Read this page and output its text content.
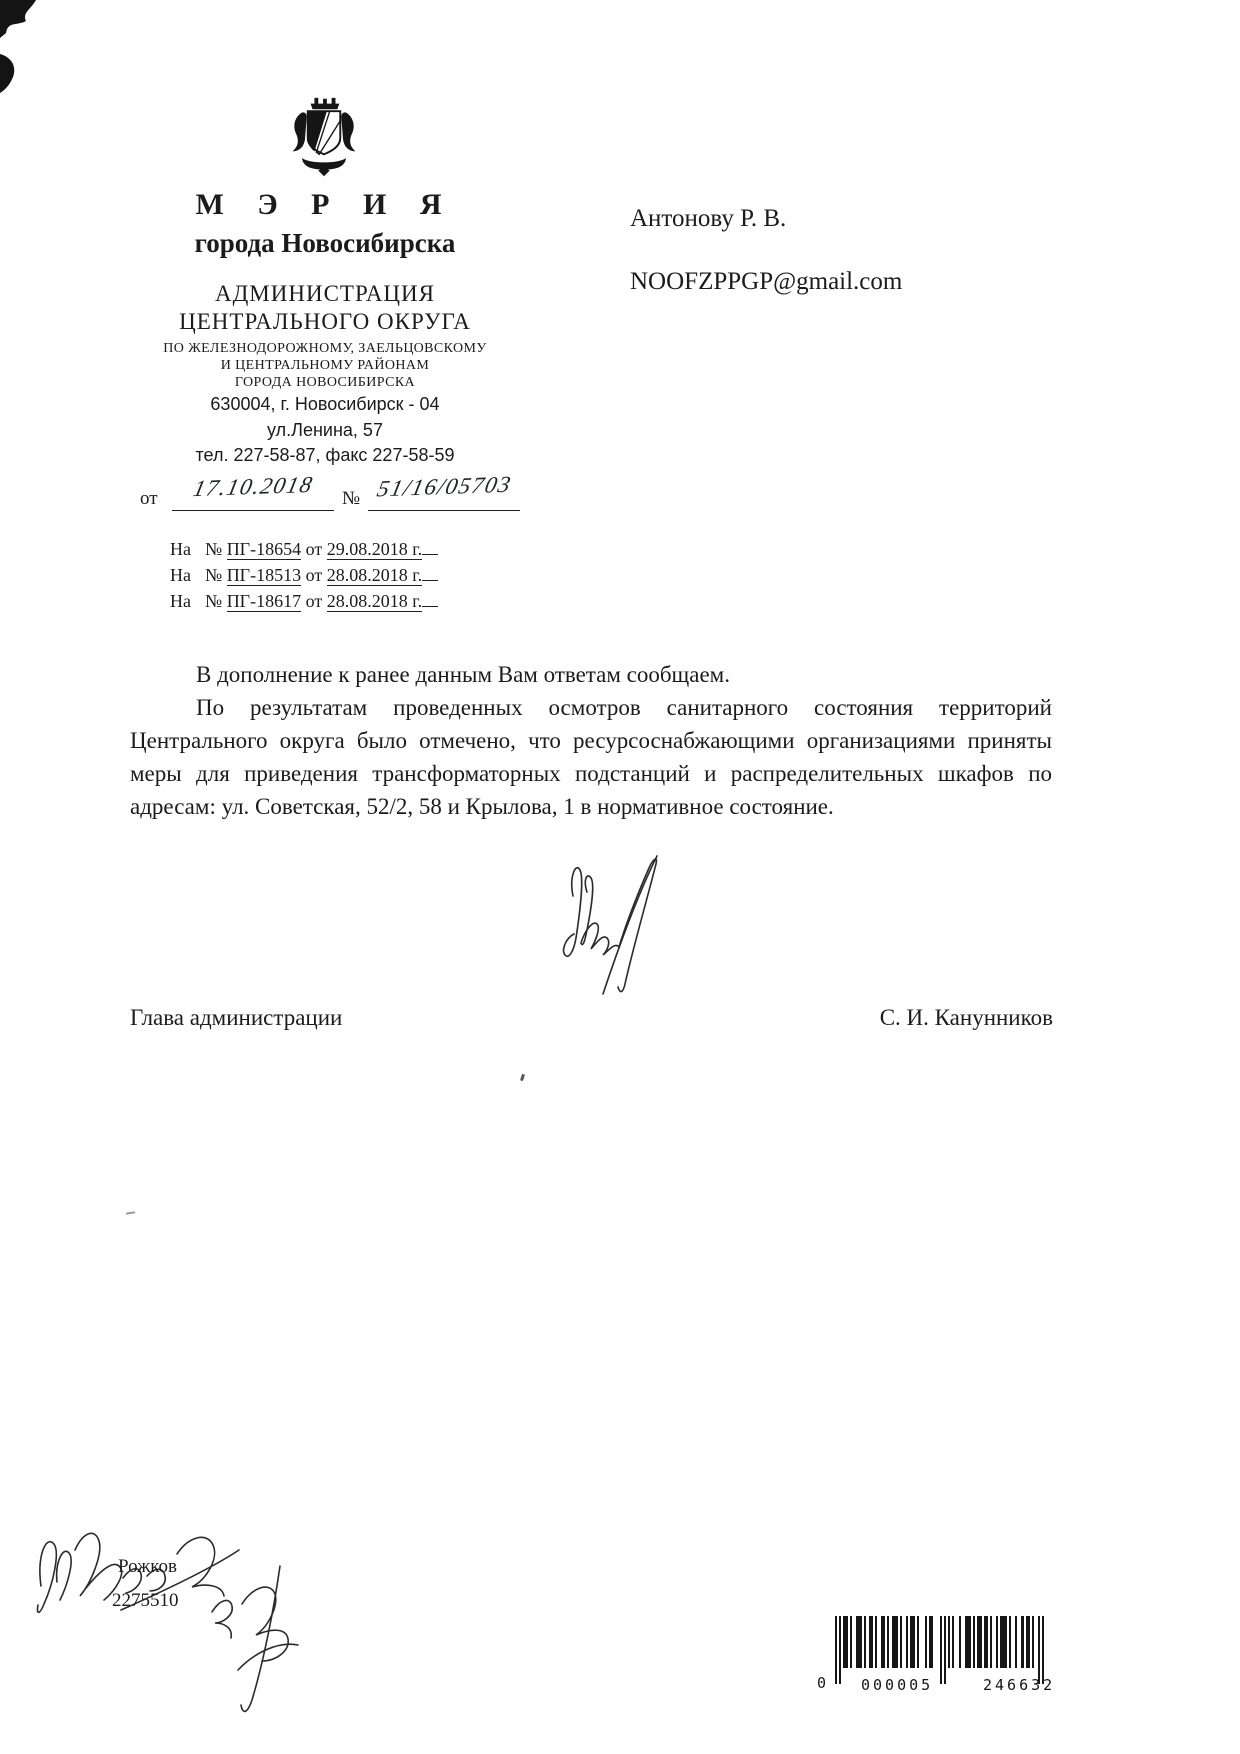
М Э Р И Я
города Новосибирска
АДМИНИСТРАЦИЯ
ЦЕНТРАЛЬНОГО ОКРУГА
ПО ЖЕЛЕЗНОДОРОЖНОМУ, ЗАЕЛЬЦОВСКОМУ
И ЦЕНТРАЛЬНОМУ РАЙОНАМ
ГОРОДА НОВОСИБИРСКА
630004, г. Новосибирск - 04
ул.Ленина, 57
тел. 227-58-87, факс 227-58-59
от	17.10.2018	№ 51/16/05703
На № ПГ-18654 от 29.08.2018 г.
На № ПГ-18513 от 28.08.2018 г.
На № ПГ-18617 от 28.08.2018 г.
Антонову Р. В.
NOOFZPPGP@gmail.com

В дополнение к ранее данным Вам ответам сообщаем.

По результатам проведенных осмотров санитарного состояния территорий Центрального округа было отмечено, что ресурсоснабжающими организациями приняты меры для приведения трансформаторных подстанций и распределительных шкафов по адресам: ул. Советская, 52/2, 58 и Крылова, 1 в нормативное состояние.

Глава администрации	С. И. Канунников
Рожков
2275510
0 000005	246632
